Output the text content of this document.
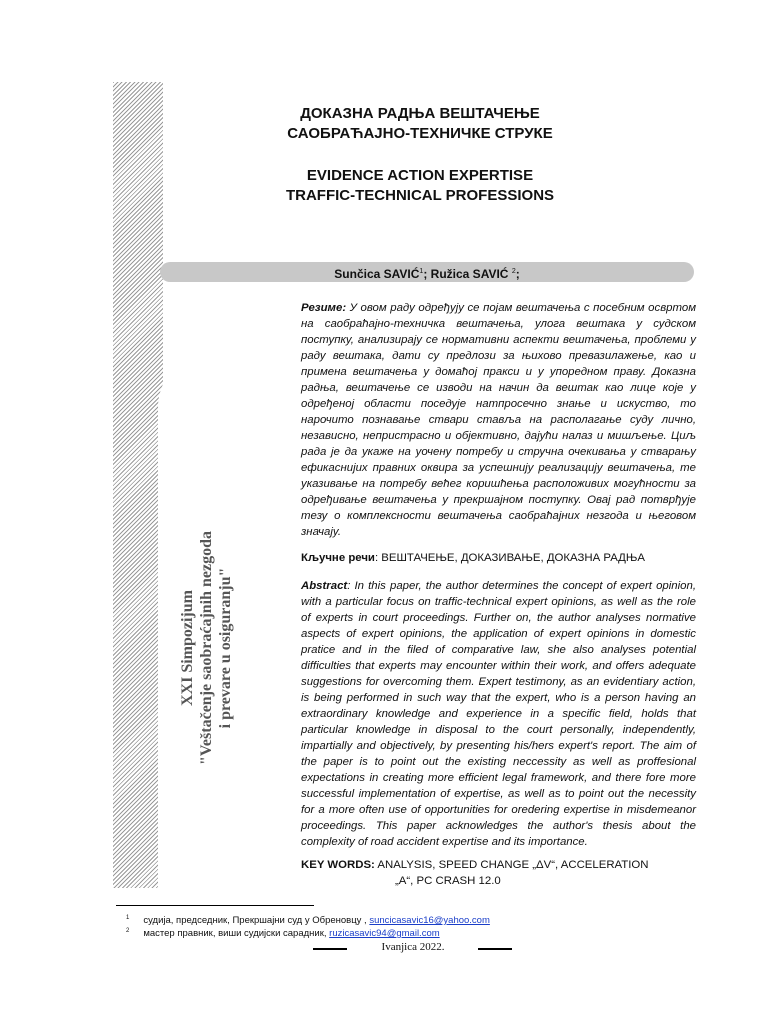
XXI Simpozijum "Veštačenje saobraćajnih nezgoda i prevare u osiguranju"
ДОКАЗНА РАДЊА ВЕШТАЧЕЊЕ
САОБРАЋАЈНО-ТЕХНИЧКЕ СТРУКЕ
EVIDENCE ACTION EXPERTISE
TRAFFIC-TECHNICAL PROFESSIONS
Sunčica SAVIĆ$^1$; Ružica SAVIĆ $^2$;
Резиме: У овом раду одређују се појам вештачења с посебним освртом на саобраћајно-техничка вештачења, улога вештака у судском поступку, анализирају се нормативни аспекти вештачења, проблеми у раду вештака, дати су предлози за њихово превазилажење, као и примена вештачења у домаћој пракси и у упоредном праву. Доказна радња, вештачење се изводи на начин да вештак као лице које у одређеној области поседује натпросечно знање и искуство, то нарочито познавање ствари ставља на располагање суду лично, независно, непристрасно и објективно, дајући налаз и мишљење. Циљ рада је да укаже на уочену потребу и стручна очекивања у стварању ефикаснијих правних оквира за успешнију реализацију вештачења, те указивање на потребу већег коришћења расположивих могућности за одређивање вештачења у прекршајном поступку. Овај рад потврђује тезу о комплексности вештачења саобраћајних незгода и његовом значају.
Кључне речи: ВЕШТАЧЕЊЕ, ДОКАЗИВАЊЕ, ДОКАЗНА РАДЊА
Abstract: In this paper, the author determines the concept of expert opinion, with a particular focus on traffic-technical expert opinions, as well as the role of experts in court proceedings. Further on, the author analyses normative aspects of expert opinions, the application of expert opinions in domestic pratice and in the filed of comparative law, she also analyses potential difficulties that experts may encounter within their work, and offers adequate suggestions for overcoming them. Expert testimony, as an evidentiary action, is being performed in such way that the expert, who is a person having an extraordinary knowledge and experience in a specific field, holds that particular knowledge in disposal to the court personally, independently, impartially and objectively, by presenting his/hers expert's report. The aim of the paper is to point out the existing neccessity as well as proffesional expectations in creating more efficient legal framework, and there fore more successful implementation of expertise, as well as to point out the necessity for a more often use of opportunities for oredering expertise in misdemeanor proceedings. This paper acknowledges the author's thesis about the complexity of road accident expertise and its importance.
KEY WORDS: ANALYSIS, SPEED CHANGE „ΔV“, ACCELERATION
„A“, PC CRASH 12.0
$^1$ судија, председник, Прекршајни суд у Обреновцу , suncicasavic16@yahoo.com
$^2$ мастер правник, виши судијски сарадник, ruzicasavic94@gmail.com
Ivanjica 2022.
